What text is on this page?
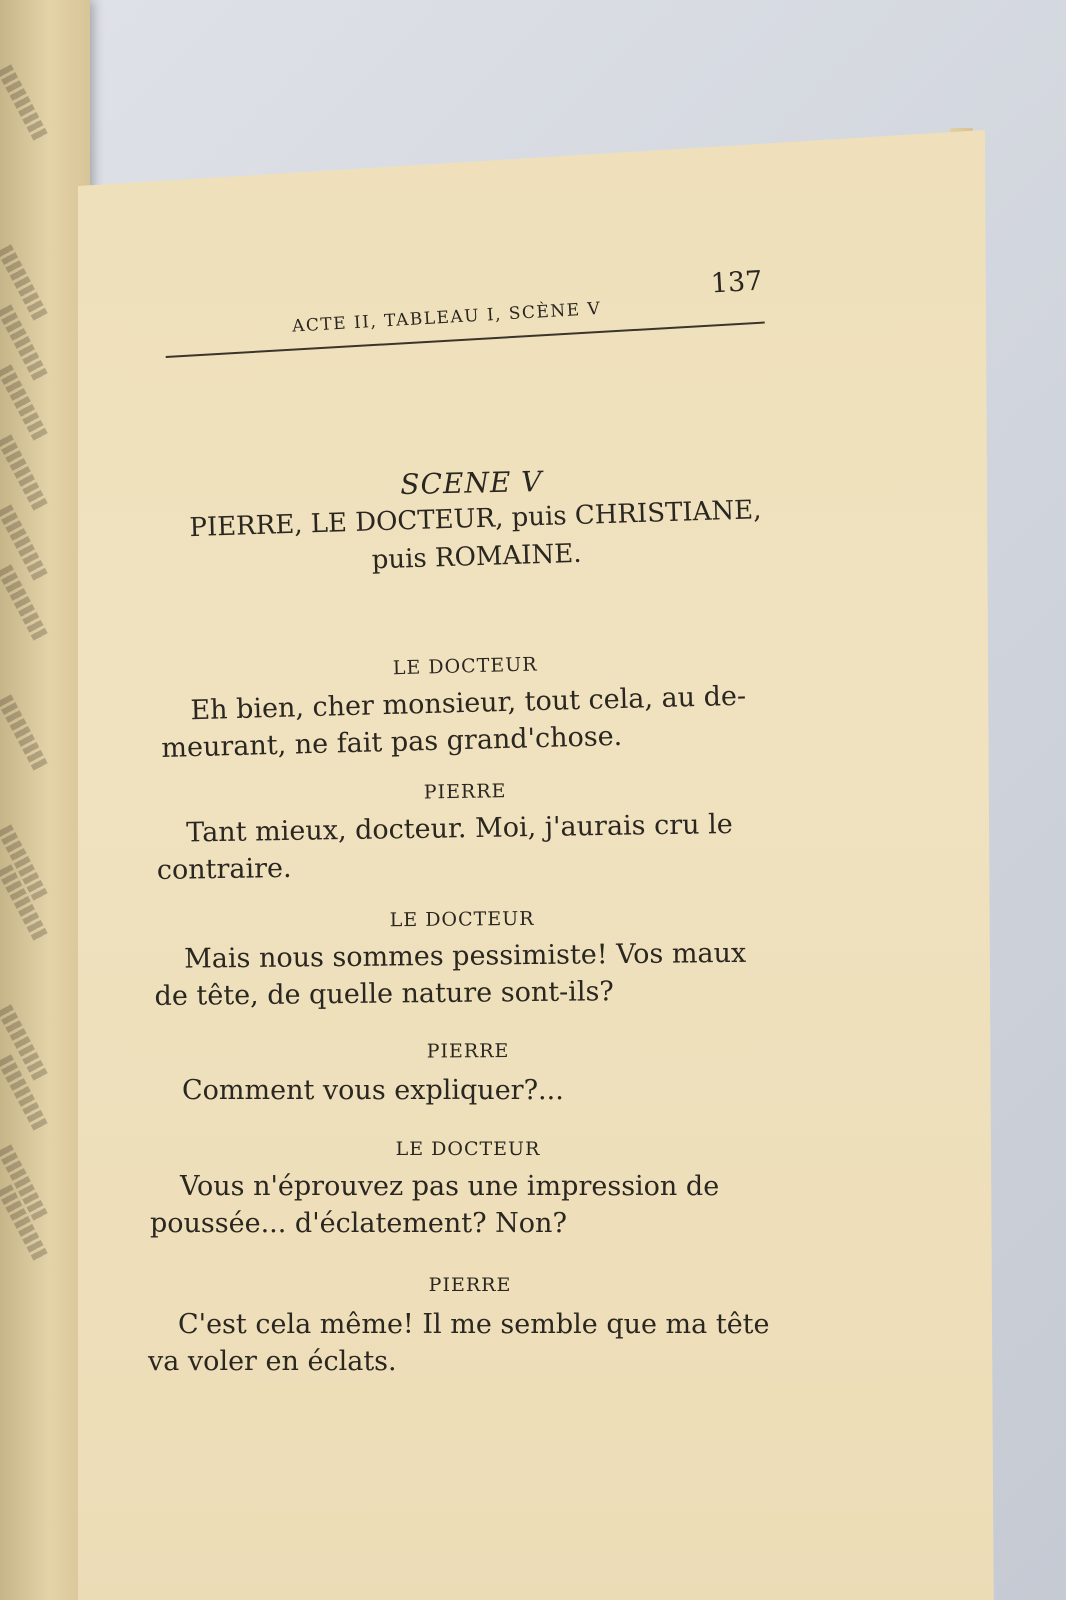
ACTE II, TABLEAU I, SCÈNE V
137
SCENE V
PIERRE, LE DOCTEUR, puis CHRISTIANE,
puis ROMAINE.
LE DOCTEUR
Eh bien, cher monsieur, tout cela, au de-
meurant, ne fait pas grand'chose.
PIERRE
Tant mieux, docteur. Moi, j'aurais cru le
contraire.
LE DOCTEUR
Mais nous sommes pessimiste! Vos maux
de tête, de quelle nature sont-ils?
PIERRE
Comment vous expliquer?...
LE DOCTEUR
Vous n'éprouvez pas une impression de
poussée... d'éclatement? Non?
PIERRE
C'est cela même! Il me semble que ma tête
va voler en éclats.
